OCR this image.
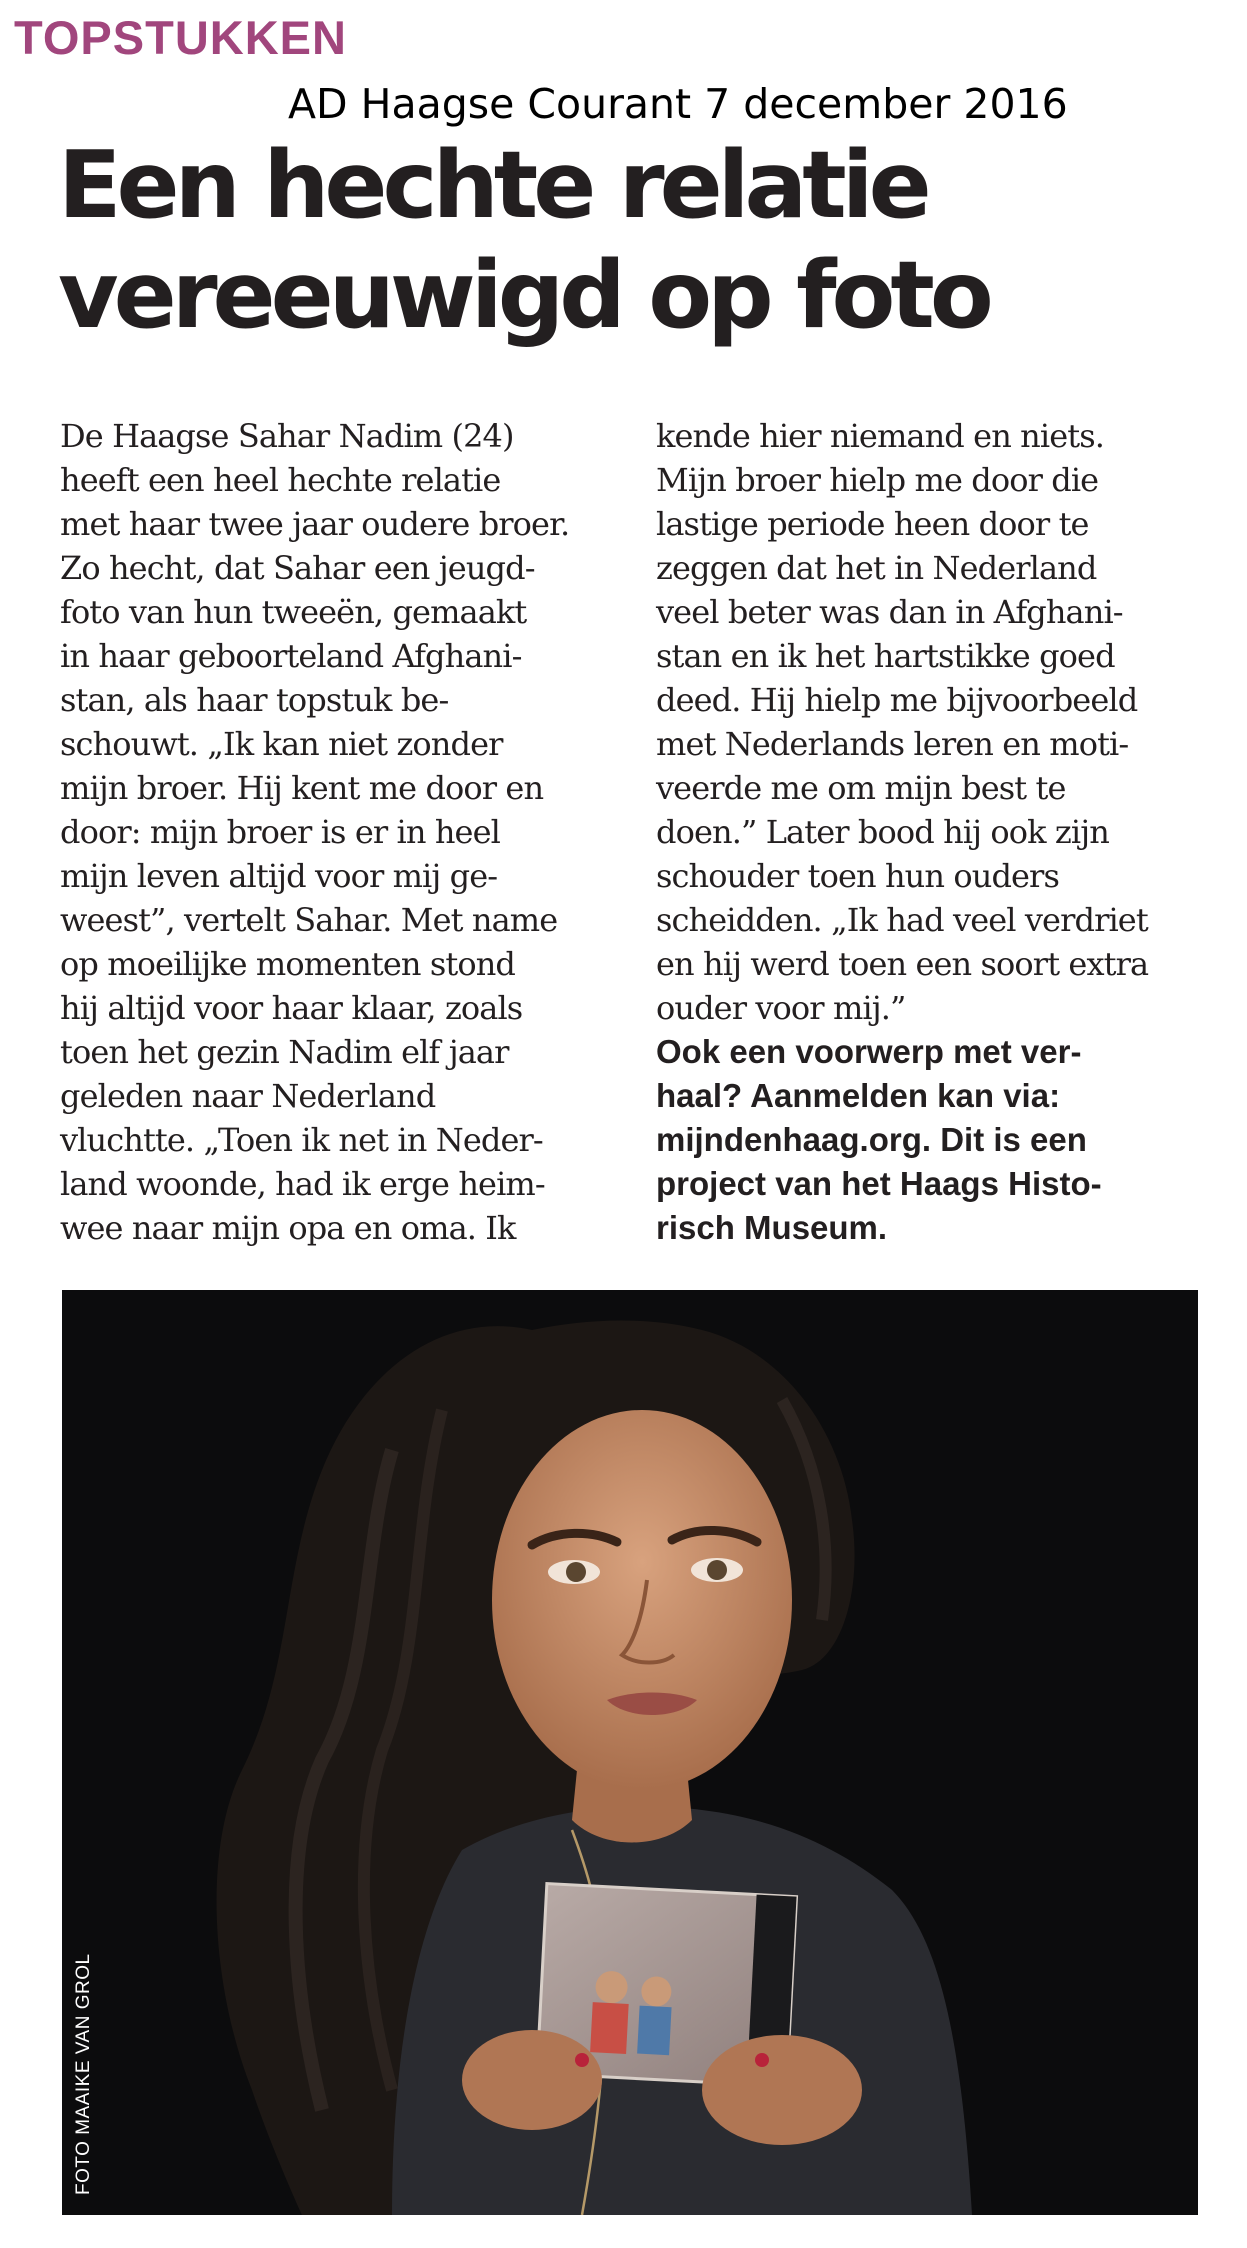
TOPSTUKKEN
AD Haagse Courant 7 december 2016
Een hechte relatie
vereeuwigd op foto
De Haagse Sahar Nadim (24)
heeft een heel hechte relatie
met haar twee jaar oudere broer.
Zo hecht, dat Sahar een jeugd-
foto van hun tweeën, gemaakt
in haar geboorteland Afghani-
stan, als haar topstuk be-
schouwt. „Ik kan niet zonder
mijn broer. Hij kent me door en
door: mijn broer is er in heel
mijn leven altijd voor mij ge-
weest”, vertelt Sahar. Met name
op moeilijke momenten stond
hij altijd voor haar klaar, zoals
toen het gezin Nadim elf jaar
geleden naar Nederland
vluchtte. „Toen ik net in Neder-
land woonde, had ik erge heim-
wee naar mijn opa en oma. Ik
kende hier niemand en niets.
Mijn broer hielp me door die
lastige periode heen door te
zeggen dat het in Nederland
veel beter was dan in Afghani-
stan en ik het hartstikke goed
deed. Hij hielp me bijvoorbeeld
met Nederlands leren en moti-
veerde me om mijn best te
doen.” Later bood hij ook zijn
schouder toen hun ouders
scheidden. „Ik had veel verdriet
en hij werd toen een soort extra
ouder voor mij.”
Ook een voorwerp met ver-
haal? Aanmelden kan via:
mijndenhaag.org. Dit is een
project van het Haags Histo-
risch Museum.
FOTO MAAIKE VAN GROL
